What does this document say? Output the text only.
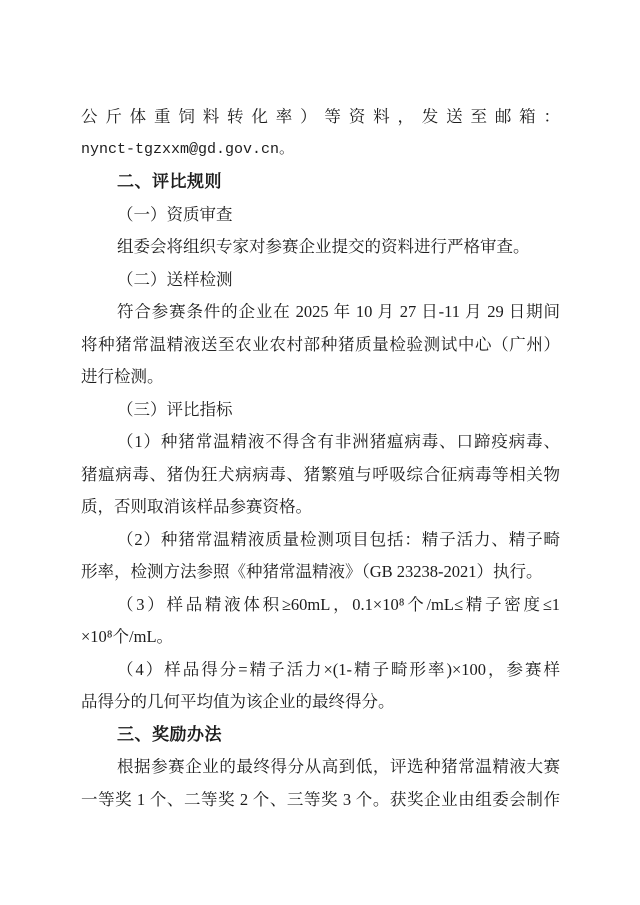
公斤体重饲料转化率）等资料，发送至邮箱：
nynct-tgzxxm@gd.gov.cn。
二、评比规则
（一）资质审查
组委会将组织专家对参赛企业提交的资料进行严格审查。
（二）送样检测
符合参赛条件的企业在 2025 年 10 月 27 日-11 月 29 日期间
将种猪常温精液送至农业农村部种猪质量检验测试中心（广州）
进行检测。
（三）评比指标
（1）种猪常温精液不得含有非洲猪瘟病毒、口蹄疫病毒、
猪瘟病毒、猪伪狂犬病病毒、猪繁殖与呼吸综合征病毒等相关物
质，否则取消该样品参赛资格。
（2）种猪常温精液质量检测项目包括：精子活力、精子畸
形率，检测方法参照《种猪常温精液》（GB 23238-2021）执行。
（3）样品精液体积≥60mL，0.1×10⁸个/mL≤精子密度≤1
×10⁸个/mL。
（4）样品得分=精子活力×(1-精子畸形率)×100，参赛样
品得分的几何平均值为该企业的最终得分。
三、奖励办法
根据参赛企业的最终得分从高到低，评选种猪常温精液大赛
一等奖 1 个、二等奖 2 个、三等奖 3 个。获奖企业由组委会制作
